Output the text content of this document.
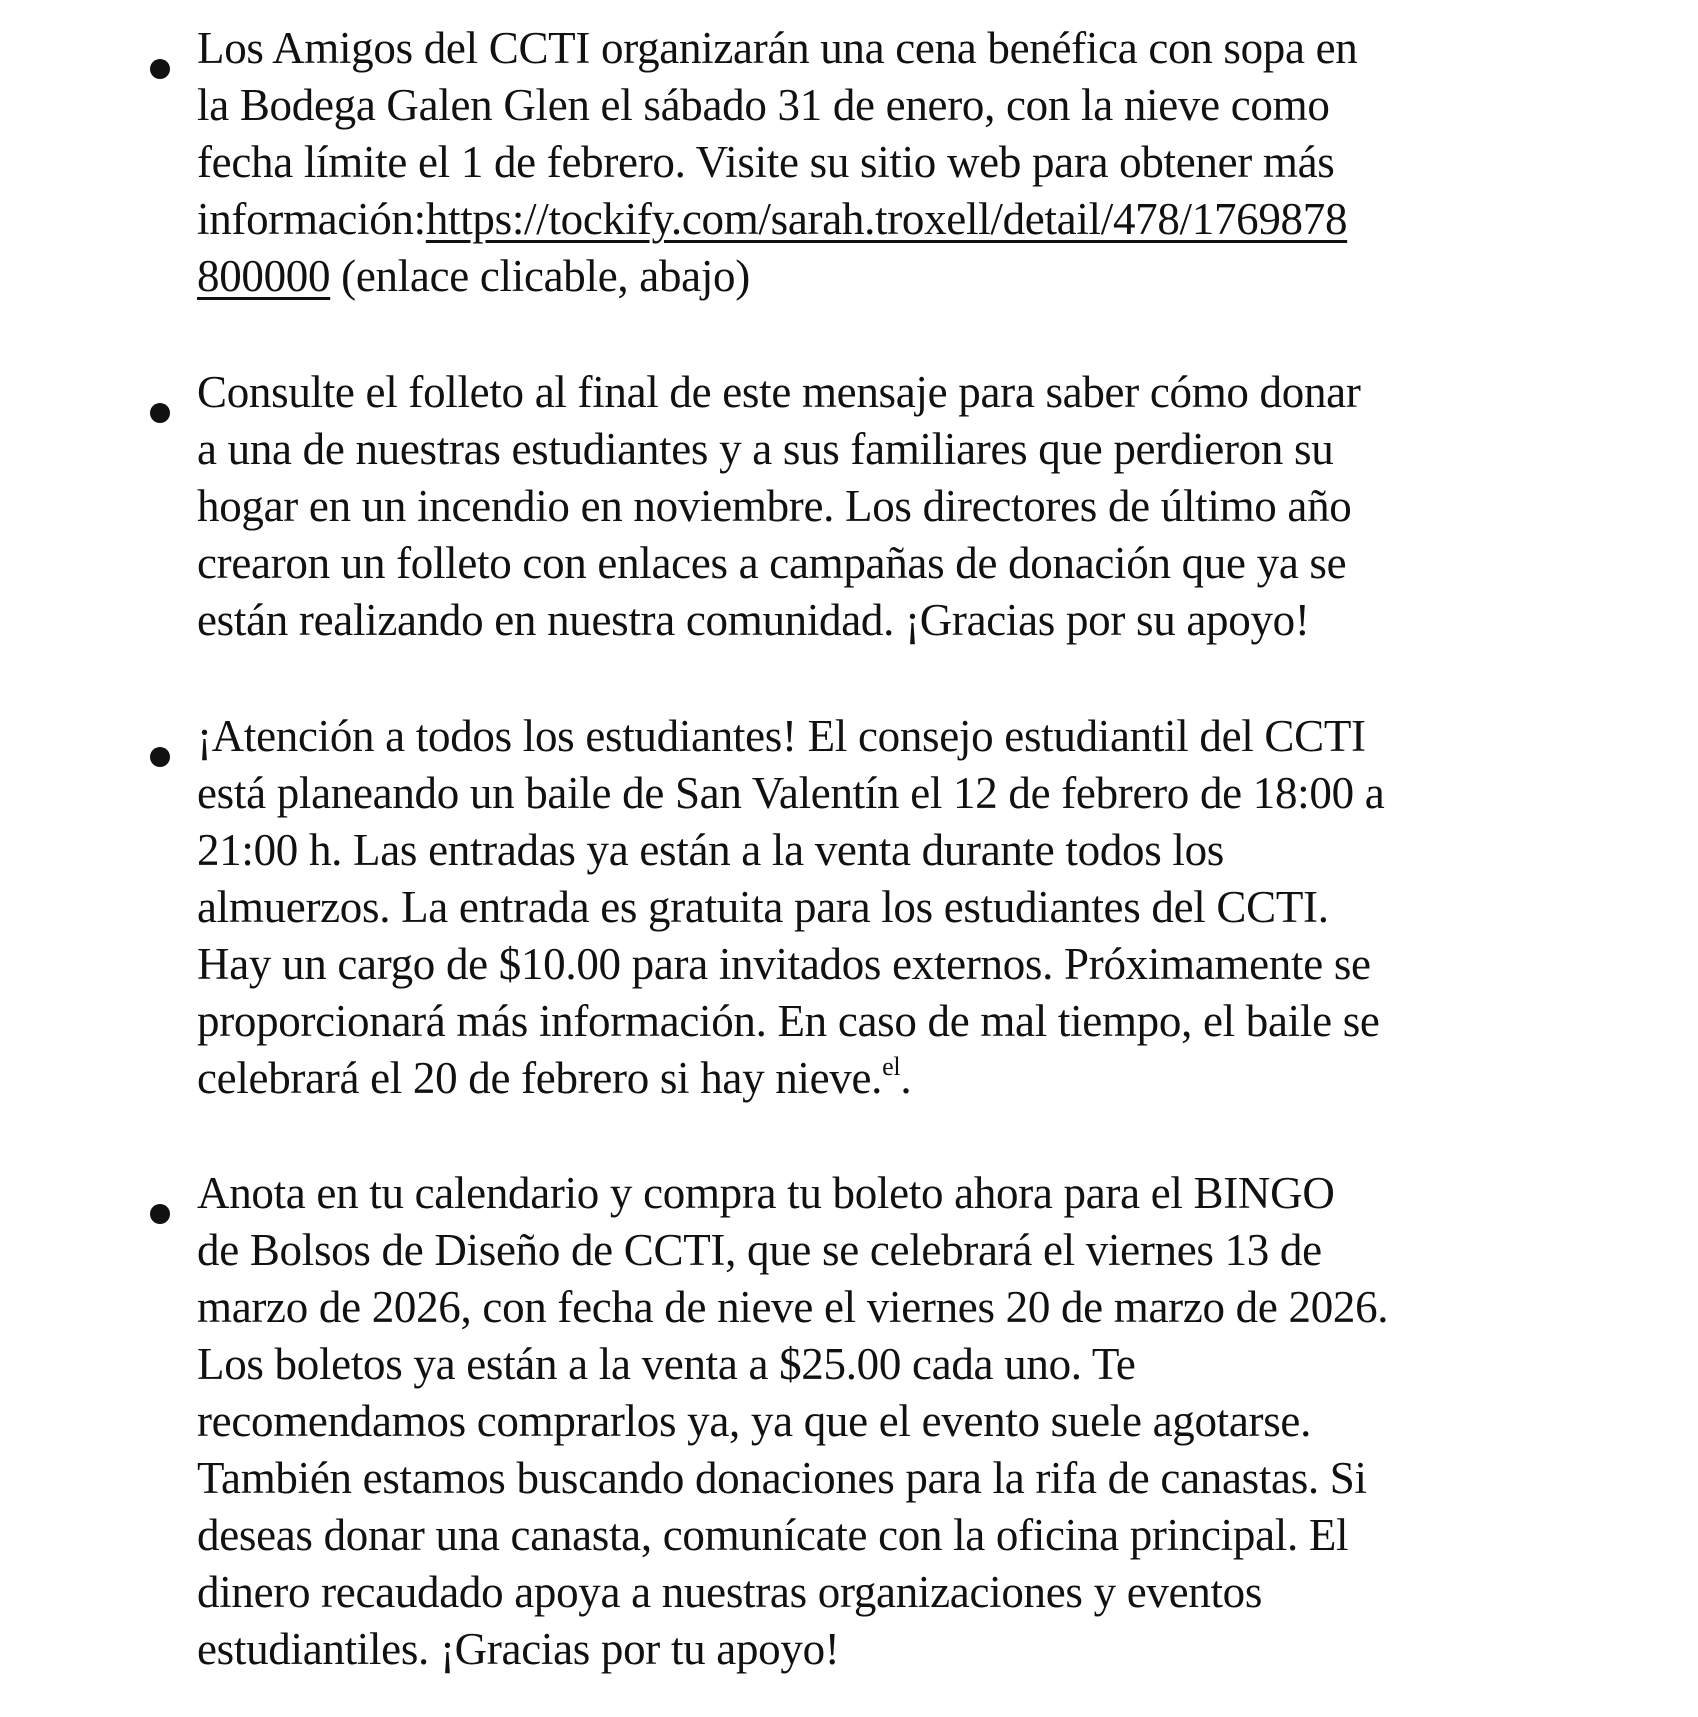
Los Amigos del CCTI organizarán una cena benéfica con sopa en
la Bodega Galen Glen el sábado 31 de enero, con la nieve como
fecha límite el 1 de febrero. Visite su sitio web para obtener más
información:https://tockify.com/sarah.troxell/detail/478/1769878
800000 (enlace clicable, abajo)
Consulte el folleto al final de este mensaje para saber cómo donar
a una de nuestras estudiantes y a sus familiares que perdieron su
hogar en un incendio en noviembre. Los directores de último año
crearon un folleto con enlaces a campañas de donación que ya se
están realizando en nuestra comunidad. ¡Gracias por su apoyo!
¡Atención a todos los estudiantes! El consejo estudiantil del CCTI
está planeando un baile de San Valentín el 12 de febrero de 18:00 a
21:00 h. Las entradas ya están a la venta durante todos los
almuerzos. La entrada es gratuita para los estudiantes del CCTI.
Hay un cargo de $10.00 para invitados externos. Próximamente se
proporcionará más información. En caso de mal tiempo, el baile se
celebrará el 20 de febrero si hay nieve.$^{el}$.
Anota en tu calendario y compra tu boleto ahora para el BINGO
de Bolsos de Diseño de CCTI, que se celebrará el viernes 13 de
marzo de 2026, con fecha de nieve el viernes 20 de marzo de 2026.
Los boletos ya están a la venta a $25.00 cada uno. Te
recomendamos comprarlos ya, ya que el evento suele agotarse.
También estamos buscando donaciones para la rifa de canastas. Si
deseas donar una canasta, comunícate con la oficina principal. El
dinero recaudado apoya a nuestras organizaciones y eventos
estudiantiles. ¡Gracias por tu apoyo!
